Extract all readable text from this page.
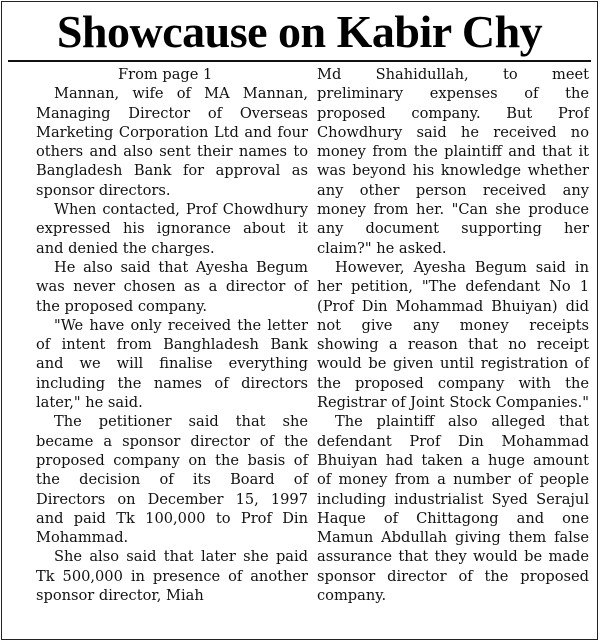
Showcause on Kabir Chy

From page 1

Mannan, wife of MA Mannan, Managing Director of Overseas Marketing Corporation Ltd and four others and also sent their names to Bangladesh Bank for approval as sponsor directors.

When contacted, Prof Chowdhury expressed his ignorance about it and denied the charges.

He also said that Ayesha Begum was never chosen as a director of the proposed company.

"We have only received the letter of intent from Banghladesh Bank and we will finalise everything including the names of directors later," he said.

The petitioner said that she became a sponsor director of the proposed company on the basis of the decision of its Board of Directors on December 15, 1997 and paid Tk 100,000 to Prof Din Mohammad.

She also said that later she paid Tk 500,000 in presence of another sponsor director, Miah

Md Shahidullah, to meet preliminary expenses of the proposed company. But Prof Chowdhury said he received no money from the plaintiff and that it was beyond his knowledge whether any other person received any money from her. "Can she produce any document supporting her claim?" he asked.

However, Ayesha Begum said in her petition, "The defendant No 1 (Prof Din Mohammad Bhuiyan) did not give any money receipts showing a reason that no receipt would be given until registration of the proposed company with the Registrar of Joint Stock Companies."

The plaintiff also alleged that defendant Prof Din Mohammad Bhuiyan had taken a huge amount of money from a number of people including industrialist Syed Serajul Haque of Chittagong and one Mamun Abdullah giving them false assurance that they would be made sponsor director of the proposed company.
